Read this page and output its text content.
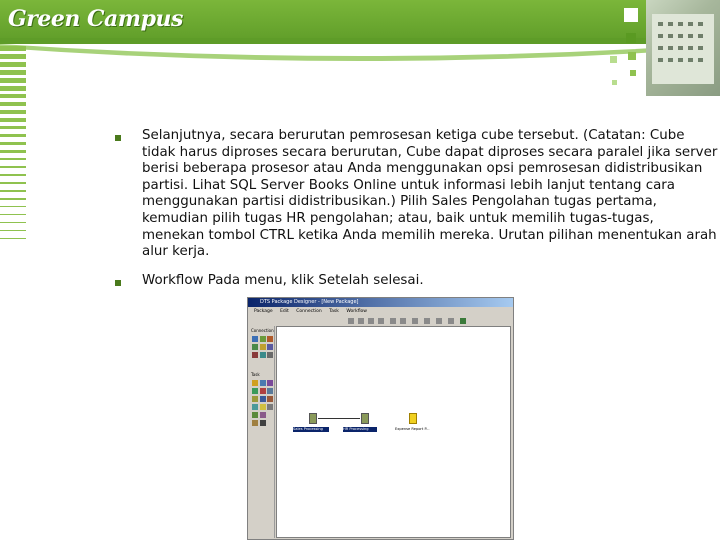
Green Campus
Selanjutnya, secara berurutan pemrosesan ketiga cube tersebut. (Catatan: Cube tidak harus diproses secara berurutan, Cube dapat diproses secara paralel jika server berisi beberapa prosesor atau Anda menggunakan opsi pemrosesan didistribusikan partisi. Lihat SQL Server Books Online untuk informasi lebih lanjut tentang cara menggunakan partisi didistribusikan.) Pilih Sales Pengolahan tugas pertama, kemudian pilih tugas HR pengolahan; atau, baik untuk memilih tugas-tugas, menekan tombol CTRL ketika Anda memilih mereka. Urutan pilihan menentukan arah alur kerja.
Workflow Pada menu, klik Setelah selesai.
DTS Package Designer - [New Package]
Package Edit Connection Task Workflow
Connection
Task
Sales Processing	HR Processing	Expense Report P...
